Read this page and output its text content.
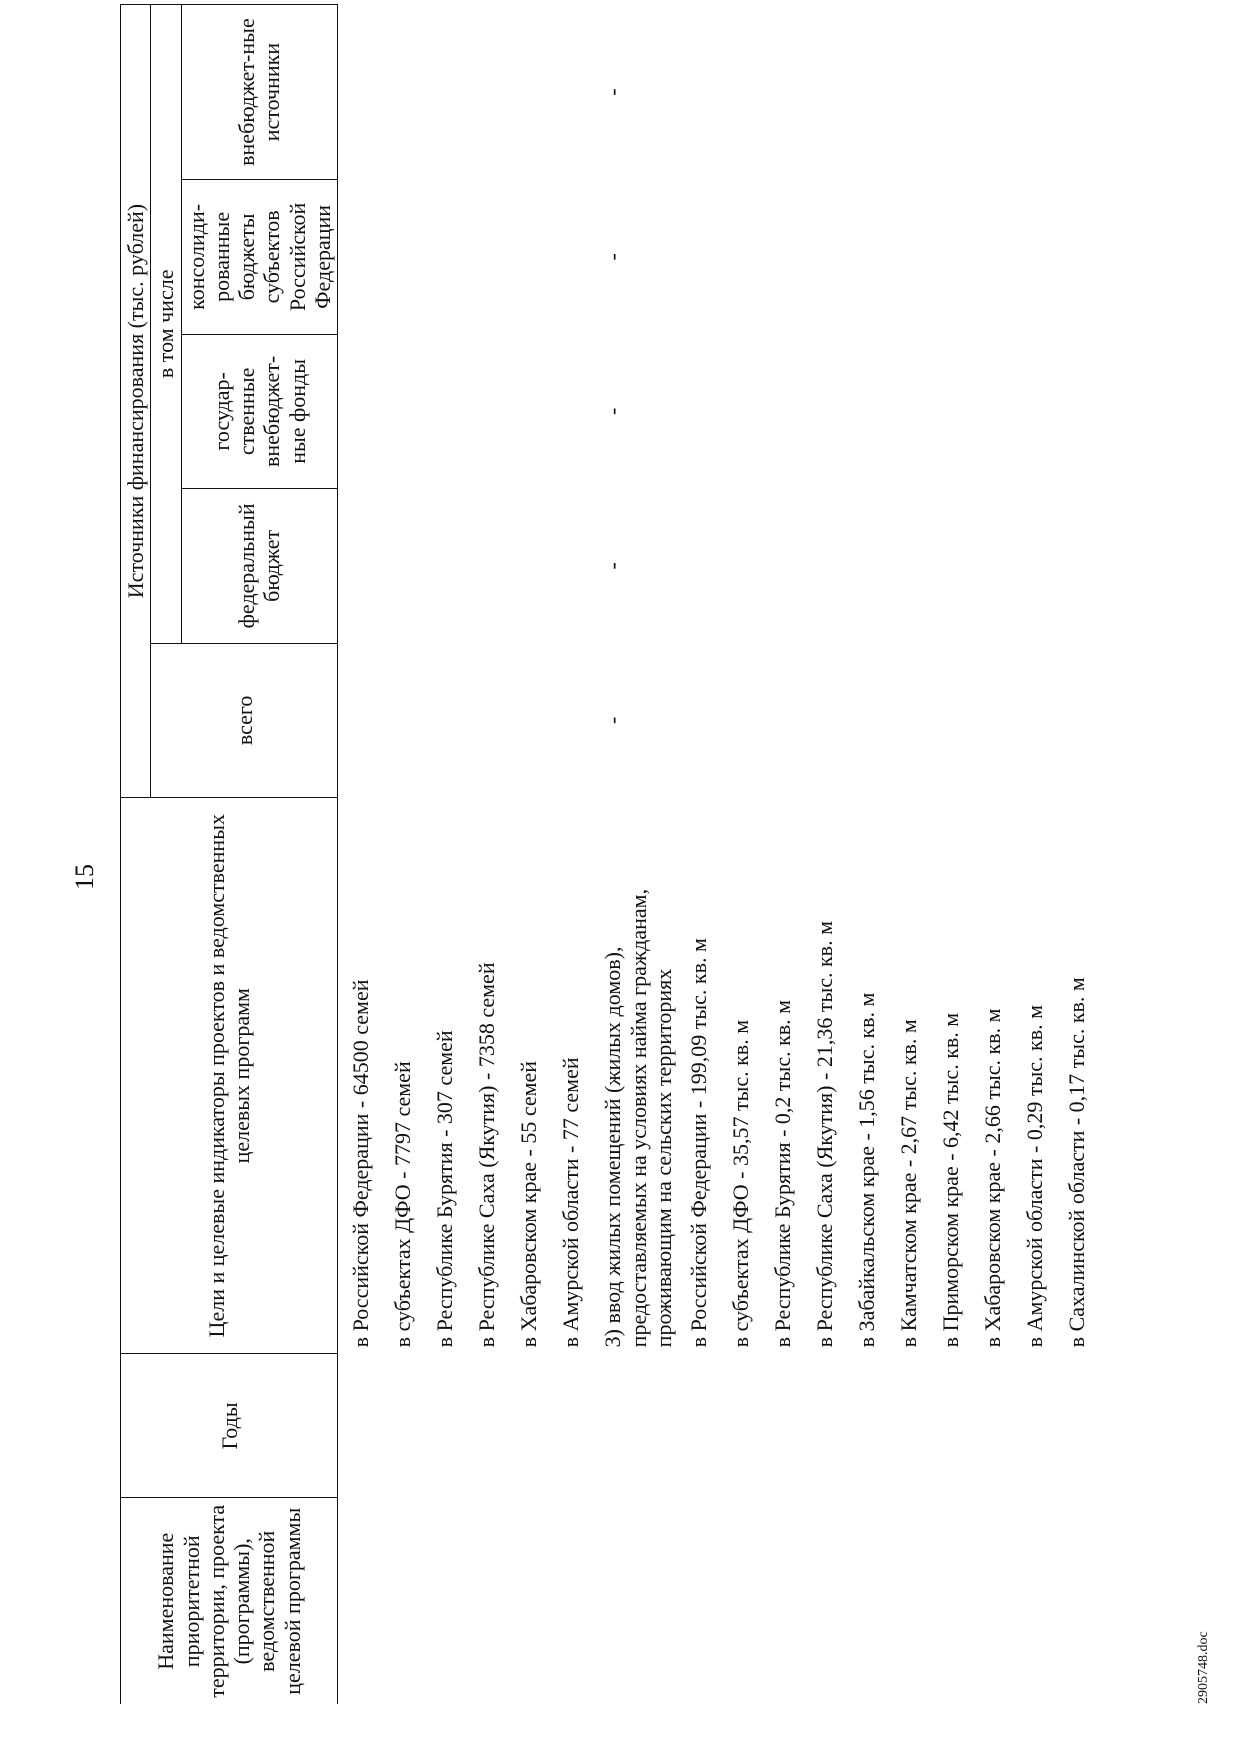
15
Наименование приоритетной территории, проекта (программы), ведомственной целевой программы	Годы	Цели и целевые индикаторы проектов и ведомственных целевых программ	Источники финансирования (тыс. рублей)				
			всего	в том числе			
				федеральный бюджет	государ-ственные внебюджет-ные фонды	консолиди-рованные бюджеты субъектов Российской Федерации	внебюджет-ные источники
		в Российской Федерации - 64500 семей					
		в субъектах ДФО - 7797 семей					
		в Республике Бурятия - 307 семей					
		в Республике Саха (Якутия) - 7358 семей					
		в Хабаровском крае - 55 семей					
		в Амурской области - 77 семей					
		3) ввод жилых помещений (жилых домов), предоставляемых на условиях найма гражданам, проживающим на сельских территориях	-	-	-	-	-
		в Российской Федерации - 199,09 тыс. кв. м					
		в субъектах ДФО - 35,57 тыс. кв. м					
		в Республике Бурятия - 0,2 тыс. кв. м					
		в Республике Саха (Якутия) - 21,36 тыс. кв. м					
		в Забайкальском крае - 1,56 тыс. кв. м					
		в Камчатском крае - 2,67 тыс. кв. м					
		в Приморском крае - 6,42 тыс. кв. м					
		в Хабаровском крае - 2,66 тыс. кв. м					
		в Амурской области - 0,29 тыс. кв. м					
		в Сахалинской области - 0,17 тыс. кв. м					
2905748.doc
